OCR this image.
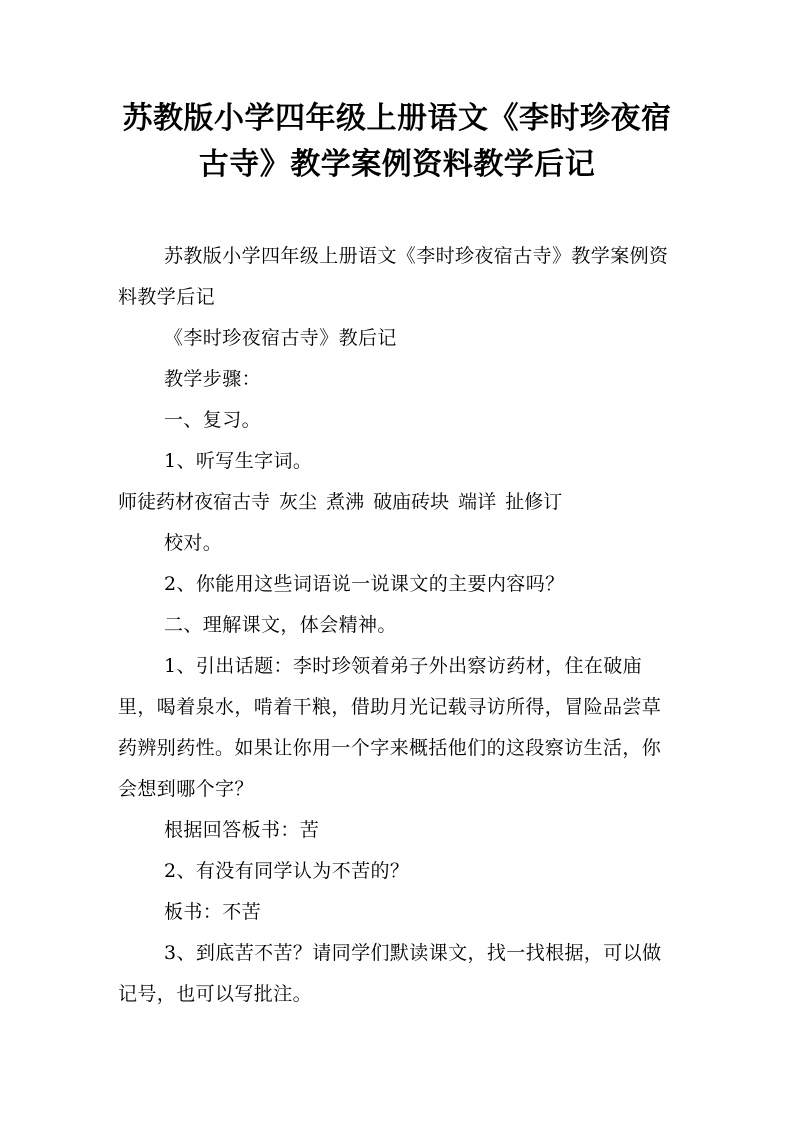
苏教版小学四年级上册语文《李时珍夜宿古寺》教学案例资料教学后记

苏教版小学四年级上册语文《李时珍夜宿古寺》教学案例资料教学后记

《李时珍夜宿古寺》教后记

教学步骤：

一、复习。

1、听写生字词。

师徒药材夜宿古寺 灰尘 煮沸 破庙砖块 端详 扯修订

校对。

2、你能用这些词语说一说课文的主要内容吗？

二、理解课文，体会精神。

1、引出话题：李时珍领着弟子外出察访药材，住在破庙里，喝着泉水，啃着干粮，借助月光记载寻访所得，冒险品尝草药辨别药性。如果让你用一个字来概括他们的这段察访生活，你会想到哪个字？

根据回答板书：苦

2、有没有同学认为不苦的？

板书：不苦

3、到底苦不苦？请同学们默读课文，找一找根据，可以做记号，也可以写批注。
